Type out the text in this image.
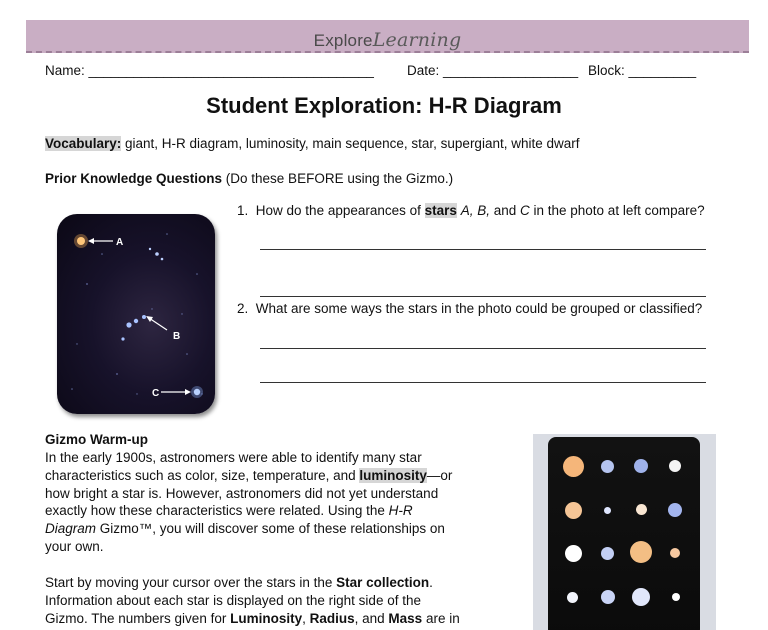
ExploreLearning
Name: ______________________________________ Date: __________________ Block: _________
Student Exploration: H-R Diagram
Vocabulary: giant, H-R diagram, luminosity, main sequence, star, supergiant, white dwarf
Prior Knowledge Questions (Do these BEFORE using the Gizmo.)
A
B
C
1. How do the appearances of stars A, B, and C in the photo at left compare?
2. What are some ways the stars in the photo could be grouped or classified?
Gizmo Warm-up
In the early 1900s, astronomers were able to identify many star
characteristics such as color, size, temperature, and luminosity—or
how bright a star is. However, astronomers did not yet understand
exactly how these characteristics were related. Using the H-R
Diagram Gizmo™, you will discover some of these relationships on
your own.
Start by moving your cursor over the stars in the Star collection.
Information about each star is displayed on the right side of the
Gizmo. The numbers given for Luminosity, Radius, and Mass are in
